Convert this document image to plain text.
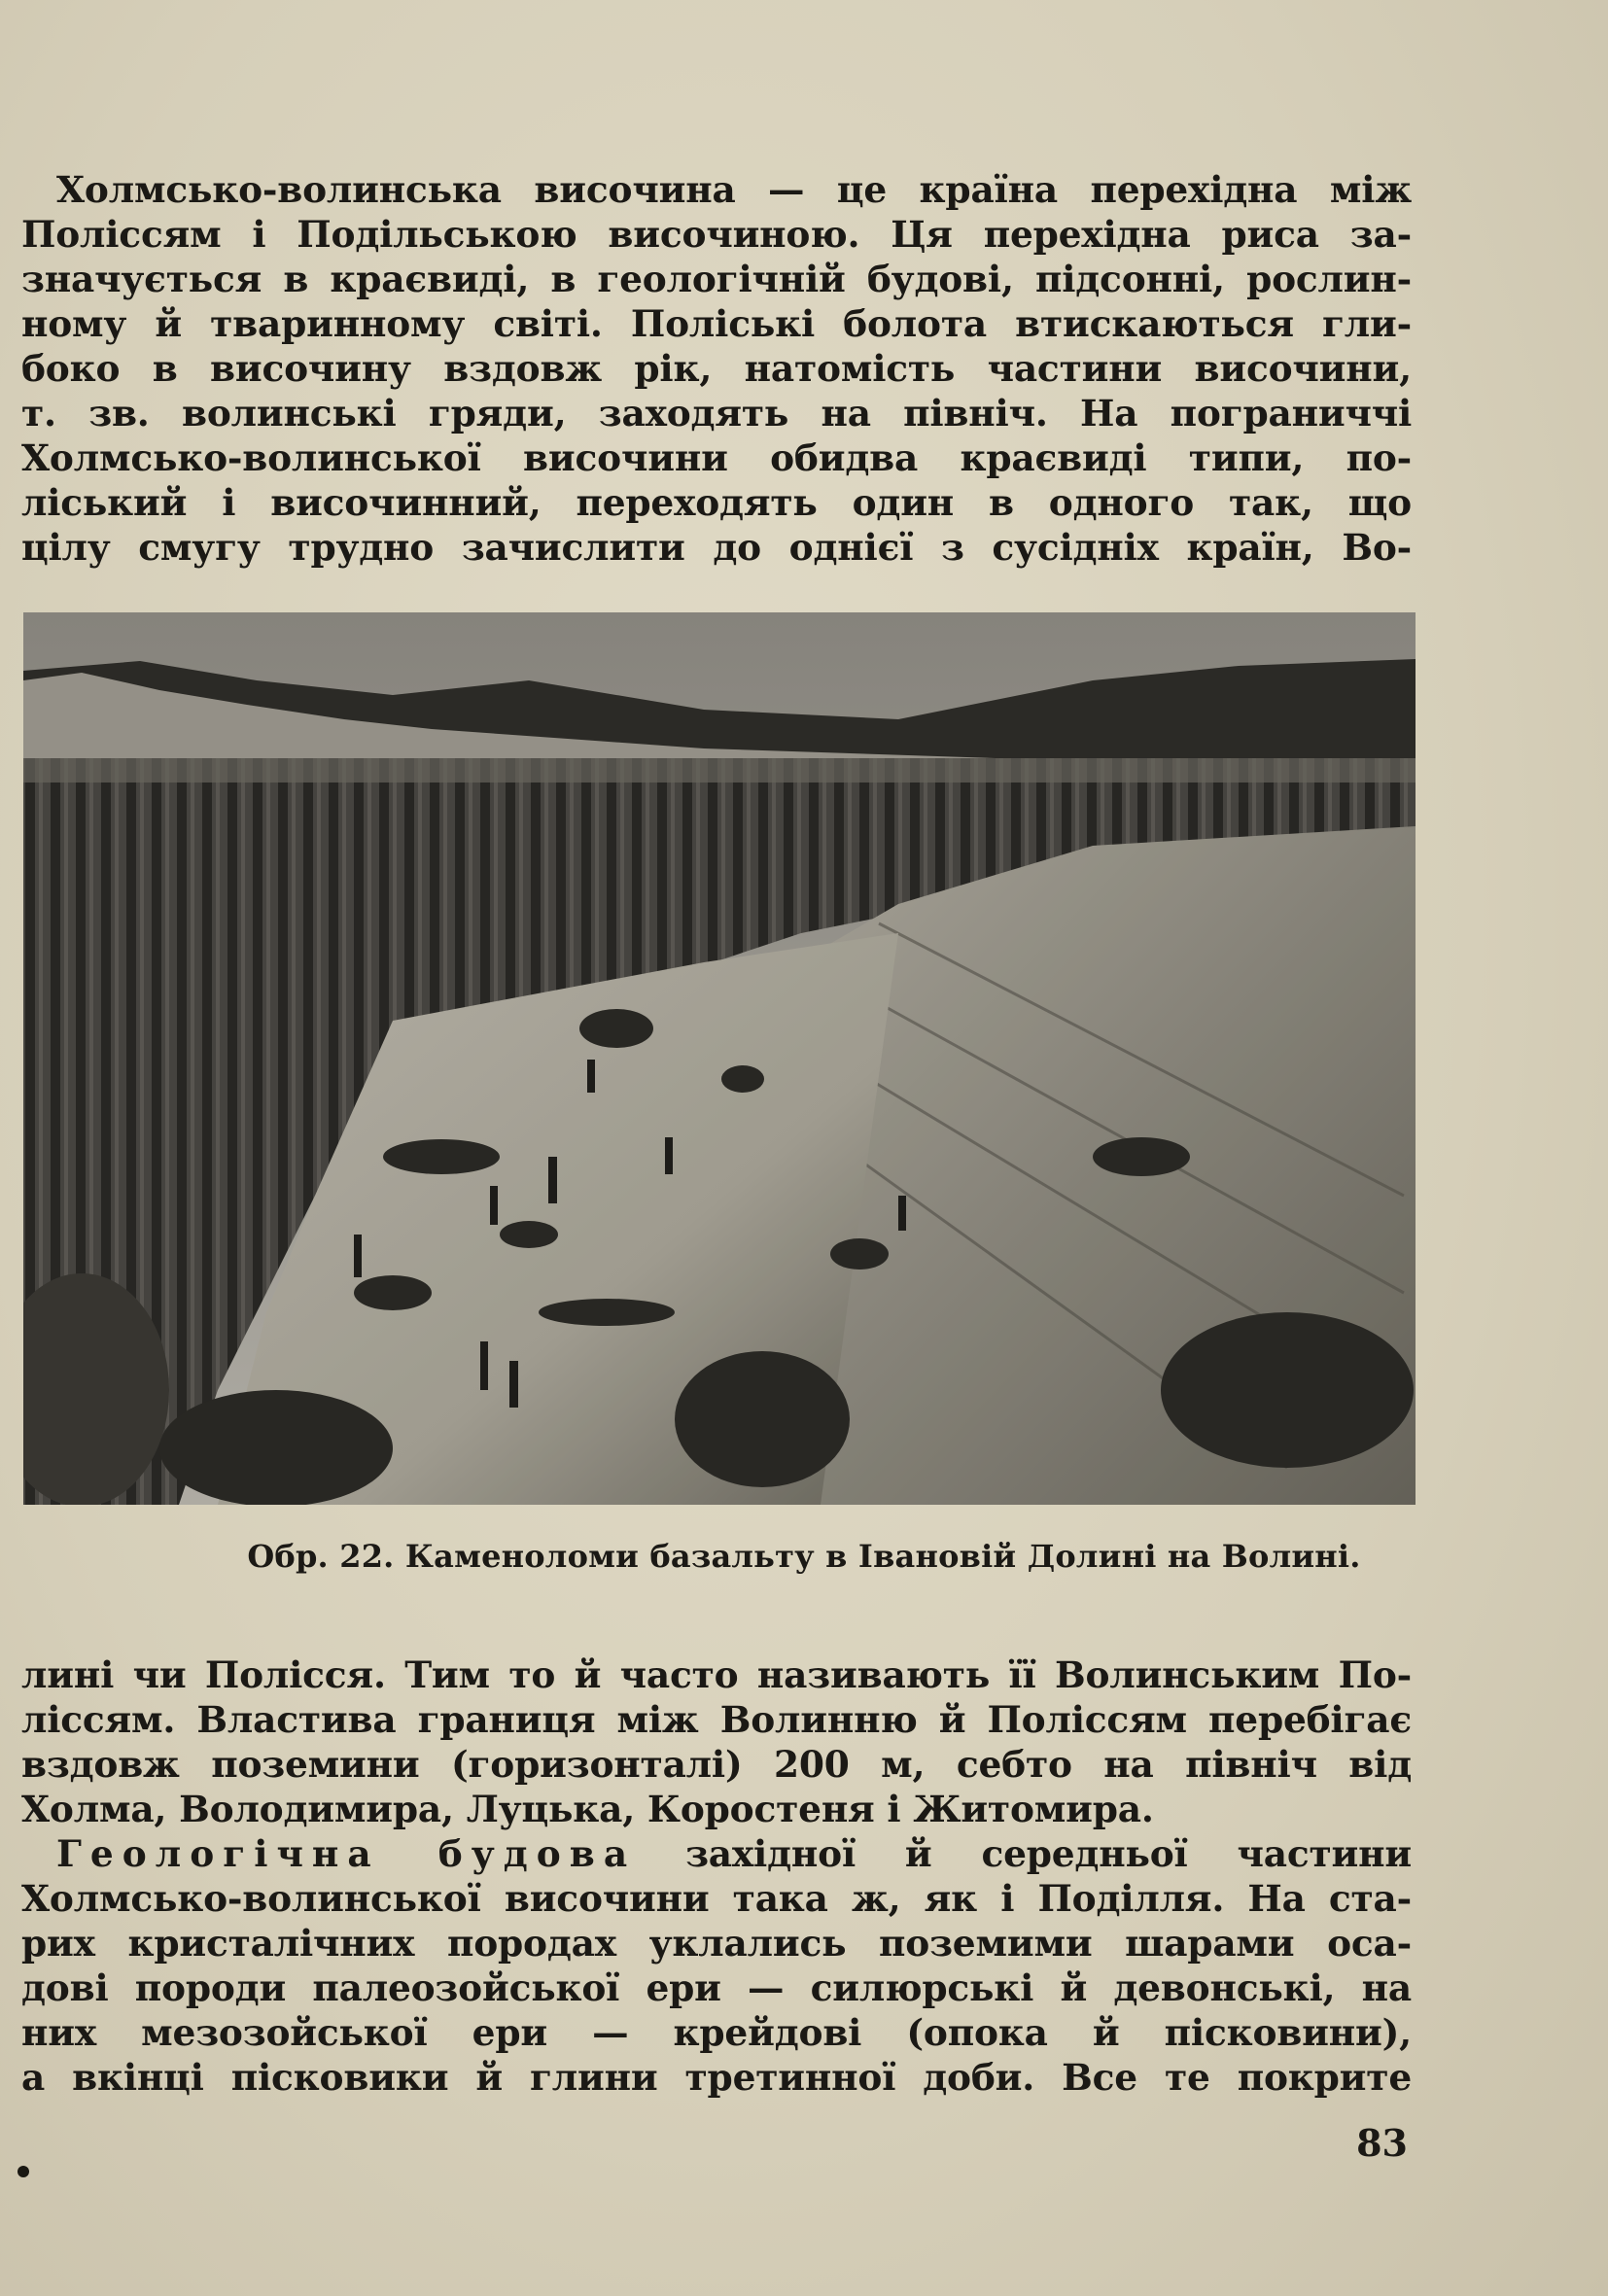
Холмсько-волинська височина — це країна перехідна між
Поліссям і Подільською височиною. Ця перехідна риса за-
значується в краєвиді, в геологічній будові, підсонні, рослин-
ному й тваринному світі. Поліські болота втискаються гли-
боко в височину вздовж рік, натомість частини височини,
т. зв. волинські гряди, заходять на північ. На пограниччі
Холмсько-волинської височини обидва краєвиді типи, по-
ліський і височинний, переходять один в одного так, що
цілу смугу трудно зачислити до однієї з сусідніх країн, Во-
Обр. 22. Каменоломи базальту в Івановій Долині на Волині.
лині чи Полісся. Тим то й часто називають її Волинським По-
ліссям. Властива границя між Волинню й Поліссям перебігає
вздовж поземини (горизонталі) 200 м, себто на північ від
Холма, Володимира, Луцька, Коростеня і Житомира.
Геологічна будова західної й середньої частини
Холмсько-волинської височини така ж, як і Поділля. На ста-
рих кристалічних породах уклались поземими шарами оса-
дові породи палеозойської ери — силюрські й девонські, на
них мезозойської ери — крейдові (опока й пісковини),
а вкінці пісковики й глини третинної доби. Все те покрите
83
